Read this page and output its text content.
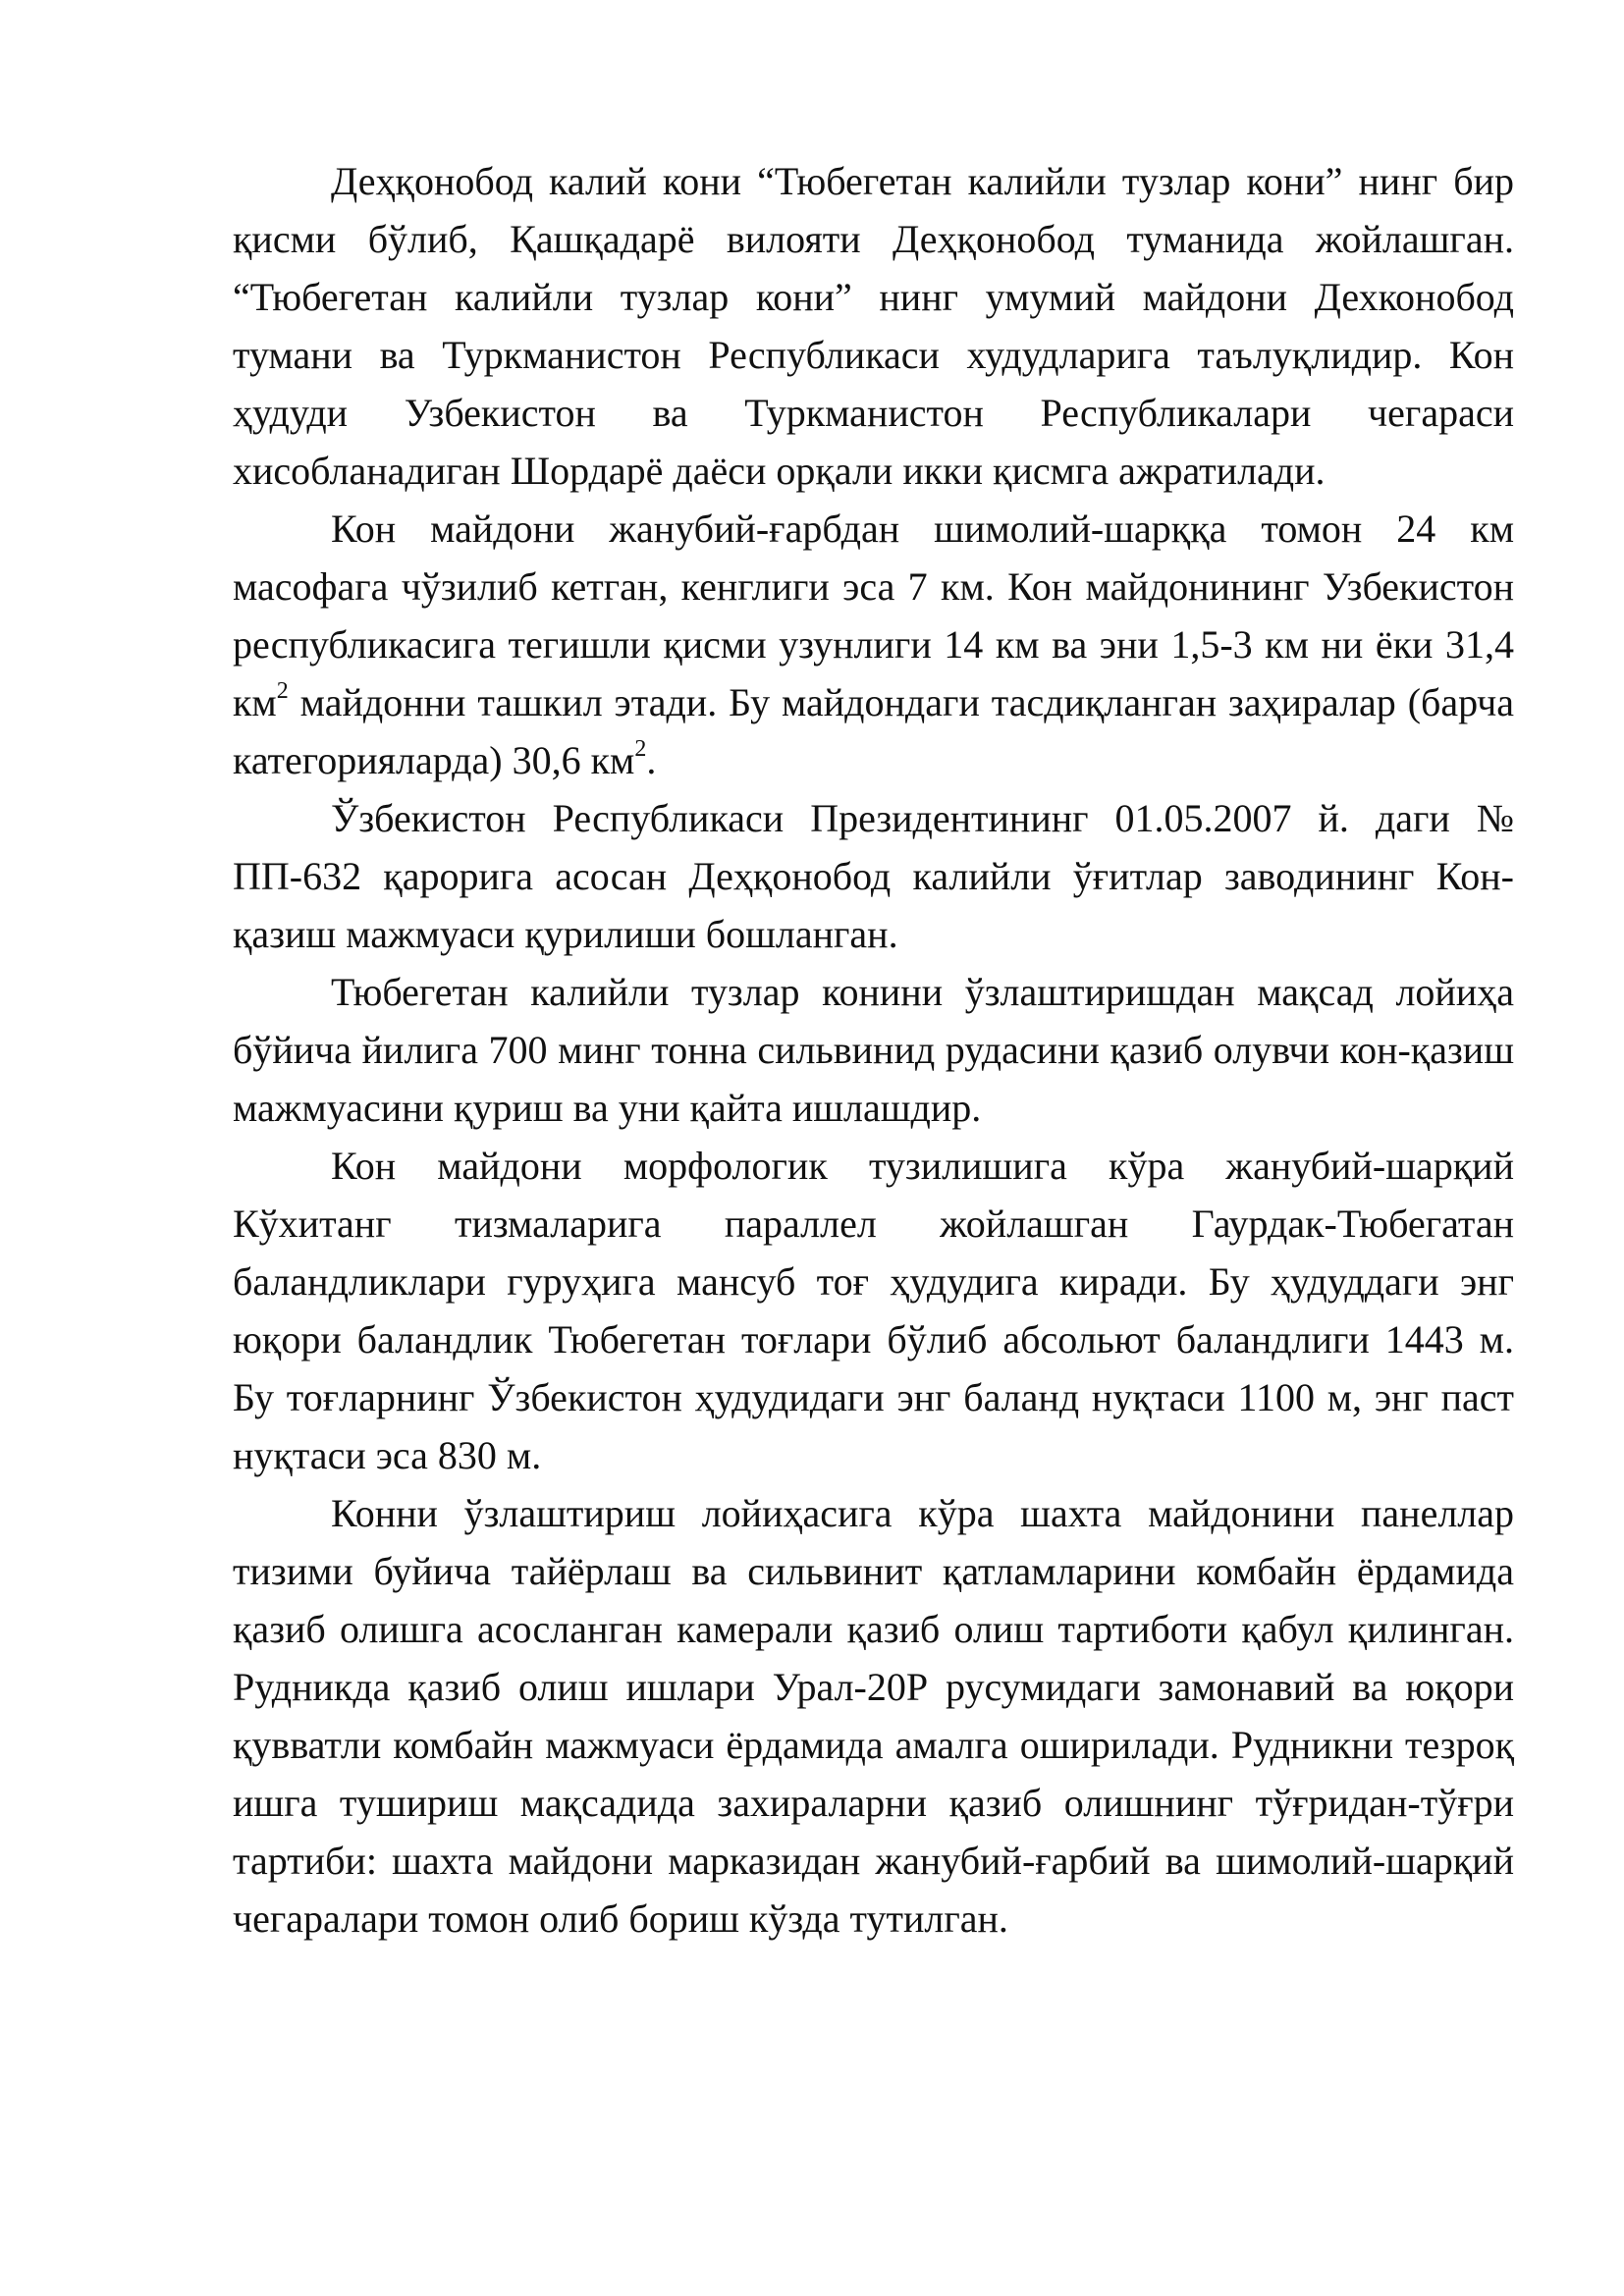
Деҳқонобод калий кони “Тюбегетан калийли тузлар кони” нинг бир қисми бўлиб, Қашқадарё вилояти Деҳқонобод туманида жойлашган. “Тюбегетан калийли тузлар кони” нинг умумий майдони Дехконобод тумани ва Туркманистон Республикаси худудларига таълуқлидир. Кон ҳудуди Узбекистон ва Туркманистон Республикалари чегараси хисобланадиган Шордарё даёси орқали икки қисмга ажратилади.

Кон майдони жанубий-ғарбдан шимолий-шарққа томон 24 км масофага чўзилиб кетган, кенглиги эса 7 км. Кон майдонининг Узбекистон республикасига тегишли қисми узунлиги 14 км ва эни 1,5-3 км ни ёки 31,4 $км^2$ майдонни ташкил этади. Бу майдондаги тасдиқланган заҳиралар (барча категорияларда) 30,6 $км^2$.

Ўзбекистон Республикаси Президентининг 01.05.2007 й. даги № ПП-632 қарорига асосан Деҳқонобод калийли ўғитлар заводининг Кон-қазиш мажмуаси қурилиши бошланган.

Тюбегетан калийли тузлар конини ўзлаштиришдан мақсад лойиҳа бўйича йилига 700 минг тонна сильвинид рудасини қазиб олувчи кон-қазиш мажмуасини қуриш ва уни қайта ишлашдир.

Кон майдони морфологик тузилишига кўра жанубий-шарқий Кўхитанг тизмаларига параллел жойлашган Гаурдак-Тюбегатан баландликлари гуруҳига мансуб тоғ ҳудудига киради. Бу ҳудуддаги энг юқори баландлик Тюбегетан тоғлари бўлиб абсольют баландлиги 1443 м. Бу тоғларнинг Ўзбекистон ҳудудидаги энг баланд нуқтаси 1100 м, энг паст нуқтаси эса 830 м.

Конни ўзлаштириш лойиҳасига кўра шахта майдонини панеллар тизими буйича тайёрлаш ва сильвинит қатламларини комбайн ёрдамида қазиб олишга асосланган камерали қазиб олиш тартиботи қабул қилинган. Рудникда қазиб олиш ишлари Урал-20Р русумидаги замонавий ва юқори қувватли комбайн мажмуаси ёрдамида амалга оширилади. Рудникни тезроқ ишга тушириш мақсадида захираларни қазиб олишнинг тўғридан-тўғри тартиби: шахта майдони марказидан жанубий-ғарбий ва шимолий-шарқий чегаралари томон олиб бориш кўзда тутилган.
